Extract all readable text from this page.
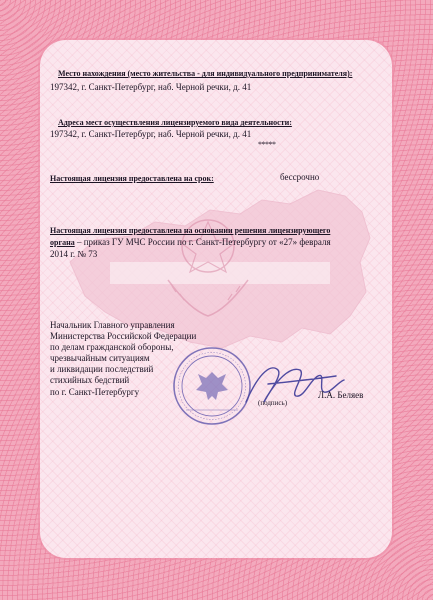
Место нахождения (место жительства - для индивидуального предпринимателя):
197342, г. Санкт-Петербург, наб. Черной речки, д. 41
Адреса мест осуществления лицензируемого вида деятельности:
197342, г. Санкт-Петербург, наб. Черной речки, д. 41
*****
Настоящая лицензия предоставлена на срок:	бессрочно
Настоящая лицензия предоставлена на основании решения лицензирующего
органа – приказ ГУ МЧС России по г. Санкт-Петербургу от «27» февраля
2014 г. № 73
Начальник Главного управления
Министерства Российской Федерации
по делам гражданской обороны,
чрезвычайным ситуациям
и ликвидации последствий
стихийных бедствий
по г. Санкт-Петербургу
(подпись)
Л.А. Беляев
